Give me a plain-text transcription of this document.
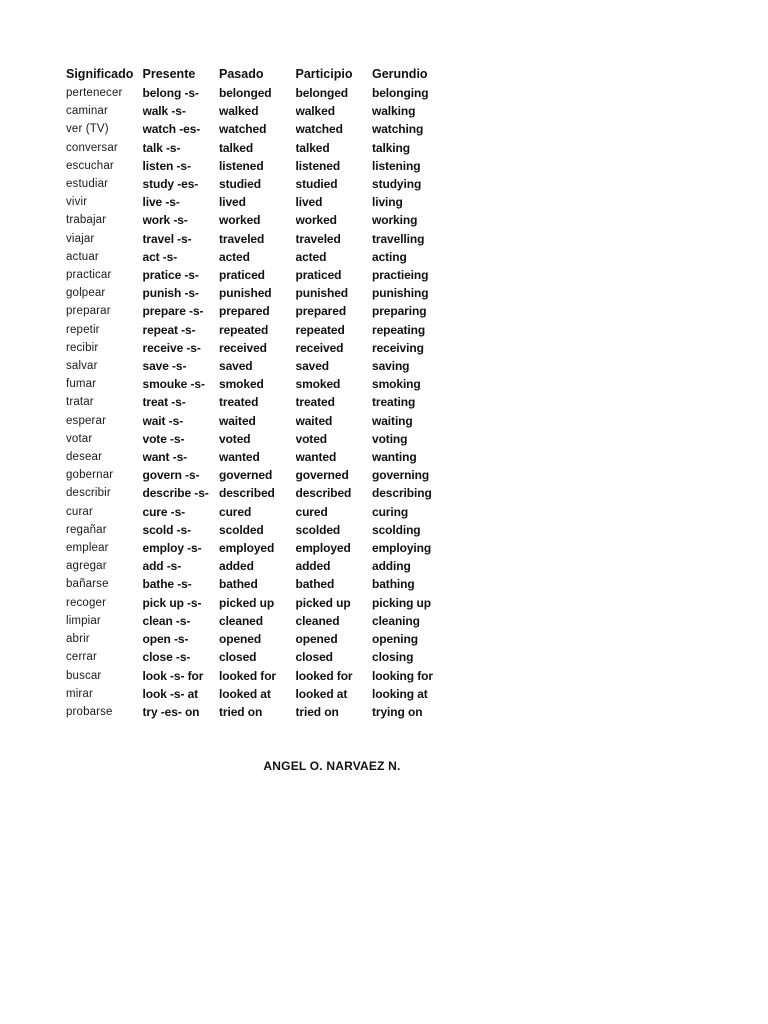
Significado	Presente	Pasado	Participio	Gerundio
pertenecer	belong -s-	belonged	belonged	belonging
caminar	walk -s-	walked	walked	walking
ver (TV)	watch -es-	watched	watched	watching
conversar	talk -s-	talked	talked	talking
escuchar	listen -s-	listened	listened	listening
estudiar	study -es-	studied	studied	studying
vivir	live -s-	lived	lived	living
trabajar	work -s-	worked	worked	working
viajar	travel -s-	traveled	traveled	travelling
actuar	act -s-	acted	acted	acting
practicar	pratice -s-	praticed	praticed	practieing
golpear	punish -s-	punished	punished	punishing
preparar	prepare -s-	prepared	prepared	preparing
repetir	repeat -s-	repeated	repeated	repeating
recibir	receive -s-	received	received	receiving
salvar	save -s-	saved	saved	saving
fumar	smouke -s-	smoked	smoked	smoking
tratar	treat -s-	treated	treated	treating
esperar	wait -s-	waited	waited	waiting
votar	vote -s-	voted	voted	voting
desear	want -s-	wanted	wanted	wanting
gobernar	govern -s-	governed	governed	governing
describir	describe -s-	described	described	describing
curar	cure -s-	cured	cured	curing
regañar	scold -s-	scolded	scolded	scolding
emplear	employ -s-	employed	employed	employing
agregar	add -s-	added	added	adding
bañarse	bathe -s-	bathed	bathed	bathing
recoger	pick up -s-	picked up	picked up	picking up
limpiar	clean -s-	cleaned	cleaned	cleaning
abrir	open -s-	opened	opened	opening
cerrar	close -s-	closed	closed	closing
buscar	look -s- for	looked for	looked for	looking for
mirar	look -s- at	looked at	looked at	looking at
probarse	try -es- on	tried on	tried on	trying on
ANGEL O. NARVAEZ N.
